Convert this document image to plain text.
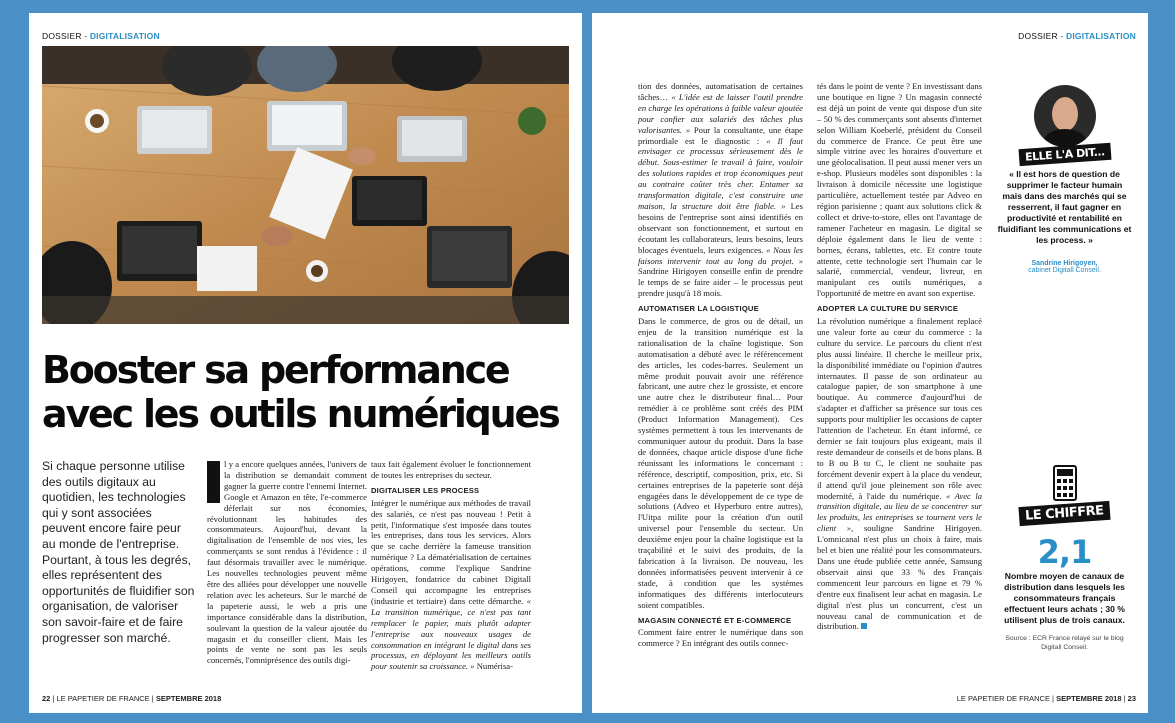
DOSSIER - DIGITALISATION
Booster sa performance
avec les outils numériques
Si chaque personne utilise des outils digitaux au quotidien, les technologies qui y sont associées peuvent encore faire peur au monde de l'entreprise. Pourtant, à tous les degrés, elles représentent des opportunités de fluidifier son organisation, de valoriser son savoir-faire et de faire progresser son marché.

l y a encore quelques années, l'univers de la distribution se demandait comment gagner la guerre contre l'ennemi Internet. Google et Amazon en tête, l'e-commerce déferlait sur nos économies, révolutionnant les habitudes des consommateurs. Aujourd'hui, devant la digitalisation de l'ensemble de nos vies, les commerçants se sont rendus à l'évidence : il faut désormais travailler avec le numérique. Les nouvelles technologies peuvent même être des alliées pour développer une nouvelle relation avec les acheteurs. Sur le marché de la papeterie aussi, le web a pris une importance considérable dans la distribution, soulevant la question de la valeur ajoutée du magasin et du conseiller client. Mais les points de vente ne sont pas les seuls concernés, l'omniprésence des outils digi-

taux fait également évoluer le fonctionnement de toutes les entreprises du secteur.

DIGITALISER LES PROCESS

Intégrer le numérique aux méthodes de travail des salariés, ce n'est pas nouveau ! Petit à petit, l'informatique s'est imposée dans toutes les entreprises, dans tous les services. Alors que se cache derrière la fameuse transition numérique ? La dématérialisation de certaines opérations, comme l'explique Sandrine Hirigoyen, fondatrice du cabinet Digitall Conseil qui accompagne les entreprises (industrie et tertiaire) dans cette démarche. « La transition numérique, ce n'est pas tant remplacer le papier, mais plutôt adapter l'entreprise aux nouveaux usages de consommation en intégrant le digital dans ses processus, en déployant les meilleurs outils pour soutenir sa croissance. » Numérisa-

22 | LE PAPETIER DE FRANCE | SEPTEMBRE 2018
DOSSIER - DIGITALISATION

tion des données, automatisation de certaines tâches… « L'idée est de laisser l'outil prendre en charge les opérations à faible valeur ajoutée pour confier aux salariés des tâches plus valorisantes. » Pour la consultante, une étape primordiale est le diagnostic : « Il faut envisager ce processus sérieusement dès le début. Sous-estimer le travail à faire, vouloir des solutions rapides et trop économiques peut au contraire coûter très cher. Entamer sa transformation digitale, c'est construire une maison, la structure doit être fiable. » Les besoins de l'entreprise sont ainsi identifiés en observant son fonctionnement, et surtout en écoutant les collaborateurs, leurs besoins, leurs blocages éventuels, leurs exigences. « Nous les faisons intervenir tout au long du projet. » Sandrine Hirigoyen conseille enfin de prendre le temps de se faire aider – le processus peut prendre jusqu'à 18 mois.

AUTOMATISER LA LOGISTIQUE

Dans le commerce, de gros ou de détail, un enjeu de la transition numérique est la rationalisation de la chaîne logistique. Son automatisation a débuté avec le référencement des articles, les codes-barres. Seulement un même produit pouvait avoir une référence fabricant, une autre chez le grossiste, et encore une autre chez le distributeur final… Pour remédier à ce problème sont créés des PIM (Product Information Management). Ces systèmes permettent à tous les intervenants de communiquer autour du produit. Dans la base de données, chaque article dispose d'une fiche réunissant les informations le concernant : référence, descriptif, composition, prix, etc. Si certaines entreprises de la papeterie sont déjà engagées dans le développement de ce type de solutions (Adveo et Hyperburo entre autres), l'Uitpa milite pour la création d'un outil universel pour l'ensemble du secteur. Un deuxième enjeu pour la chaîne logistique est la traçabilité et le suivi des produits, de la fabrication à la livraison. De nouveau, les données informatisées peuvent intervenir à ce stade, à condition que les systèmes informatiques des différents interlocuteurs soient compatibles.

MAGASIN CONNECTÉ ET E-COMMERCE

Comment faire entrer le numérique dans son commerce ? En intégrant des outils connec-

tés dans le point de vente ? En investissant dans une boutique en ligne ? Un magasin connecté est déjà un point de vente qui dispose d'un site – 50 % des commerçants sont absents d'internet selon William Koeberlé, président du Conseil du commerce de France. Ce peut être une simple vitrine avec les horaires d'ouverture et une géolocalisation. Il peut aussi mener vers un e-shop. Plusieurs modèles sont disponibles : la livraison à domicile nécessite une logistique particulière, actuellement testée par Adveo en région parisienne ; quant aux solutions click & collect et drive-to-store, elles ont l'avantage de ramener l'acheteur en magasin. Le digital se déploie également dans le lieu de vente : bornes, écrans, tablettes, etc. Et contre toute attente, cette technologie sert l'humain car le salarié, commercial, vendeur, livreur, en manipulant ces outils numériques, a l'opportunité de mettre en avant son expertise.

ADOPTER LA CULTURE DU SERVICE

La révolution numérique a finalement replacé une valeur forte au cœur du commerce : la culture du service. Le parcours du client n'est plus aussi linéaire. Il cherche le meilleur prix, la disponibilité immédiate ou l'opinion d'autres internautes. Il passe de son ordinateur au catalogue papier, de son smartphone à une boutique. Au commerce d'aujourd'hui de s'adapter et d'afficher sa présence sur tous ces supports pour multiplier les occasions de capter l'attention de l'acheteur. En étant informé, ce dernier se fait toujours plus exigeant, mais il reste demandeur de conseils et de bons plans. B to B ou B to C, le client ne souhaite pas forcément devenir expert à la place du vendeur, il attend qu'il joue pleinement son rôle avec modernité, à l'aide du numérique. « Avec la transition digitale, au lieu de se concentrer sur les produits, les entreprises se tournent vers le client », souligne Sandrine Hirigoyen. L'omnicanal n'est plus un choix à faire, mais bel et bien une réalité pour les consommateurs. Dans une étude publiée cette année, Samsung observait ainsi que 33 % des Français commencent leur parcours en ligne et 79 % d'entre eux finalisent leur achat en magasin. Le digital n'est plus un concurrent, c'est un nouveau canal de communication et de distribution.

ELLE L'A DIT...
« Il est hors de question de supprimer le facteur humain mais dans des marchés qui se resserrent, il faut gagner en productivité et rentabilité en fluidifiant les communications et les process. »
Sandrine Hirigoyen,
cabinet Digitall Conseil.
LE CHIFFRE
2,1
Nombre moyen de canaux de distribution dans lesquels les consommateurs français effectuent leurs achats ; 30 % utilisent plus de trois canaux.
Source : ECR France relayé sur le blog Digitall Conseil.
LE PAPETIER DE FRANCE | SEPTEMBRE 2018 | 23
